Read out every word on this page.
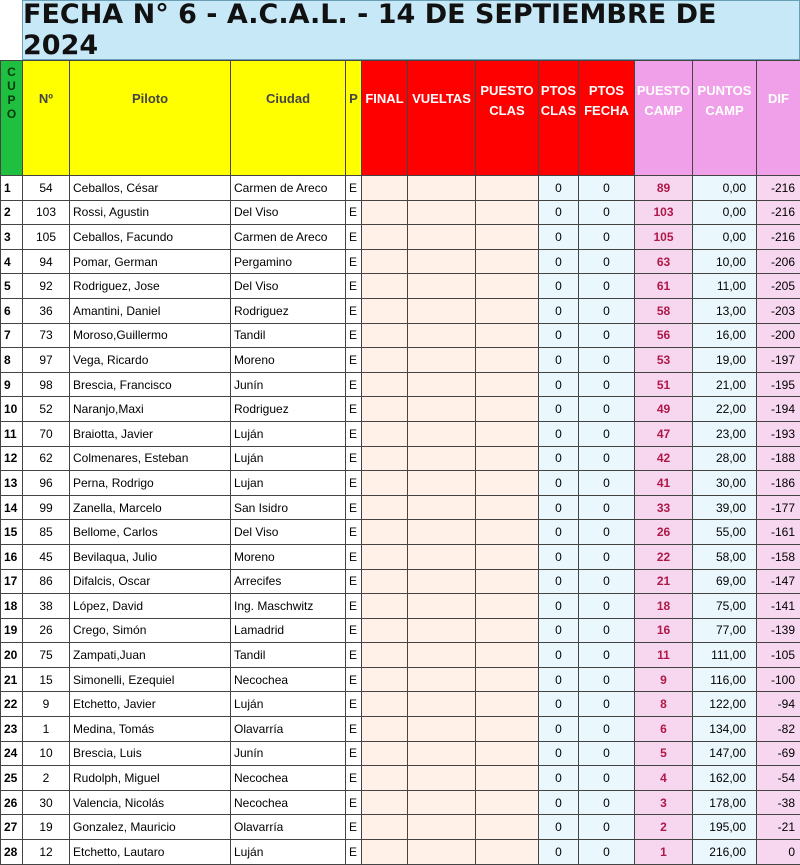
FECHA N° 6 - A.C.A.L. - 14 DE SEPTIEMBRE DE 2024
C
U
P
O	Nº	Piloto	Ciudad	P	FINAL	VUELTAS	PUESTO CLAS	PTOS CLAS	PTOS FECHA	PUESTO CAMP	PUNTOS CAMP	DIF
1	54	Ceballos, César	Carmen de Areco	E				0	0	89	0,00	-216
2	103	Rossi, Agustin	Del Viso	E				0	0	103	0,00	-216
3	105	Ceballos, Facundo	Carmen de Areco	E				0	0	105	0,00	-216
4	94	Pomar, German	Pergamino	E				0	0	63	10,00	-206
5	92	Rodriguez, Jose	Del Viso	E				0	0	61	11,00	-205
6	36	Amantini, Daniel	Rodriguez	E				0	0	58	13,00	-203
7	73	Moroso,Guillermo	Tandil	E				0	0	56	16,00	-200
8	97	Vega, Ricardo	Moreno	E				0	0	53	19,00	-197
9	98	Brescia, Francisco	Junín	E				0	0	51	21,00	-195
10	52	Naranjo,Maxi	Rodriguez	E				0	0	49	22,00	-194
11	70	Braiotta, Javier	Luján	E				0	0	47	23,00	-193
12	62	Colmenares, Esteban	Luján	E				0	0	42	28,00	-188
13	96	Perna, Rodrigo	Lujan	E				0	0	41	30,00	-186
14	99	Zanella, Marcelo	San Isidro	E				0	0	33	39,00	-177
15	85	Bellome, Carlos	Del Viso	E				0	0	26	55,00	-161
16	45	Bevilaqua, Julio	Moreno	E				0	0	22	58,00	-158
17	86	Difalcis, Oscar	Arrecifes	E				0	0	21	69,00	-147
18	38	López, David	Ing. Maschwitz	E				0	0	18	75,00	-141
19	26	Crego, Simón	Lamadrid	E				0	0	16	77,00	-139
20	75	Zampati,Juan	Tandil	E				0	0	11	111,00	-105
21	15	Simonelli, Ezequiel	Necochea	E				0	0	9	116,00	-100
22	9	Etchetto, Javier	Luján	E				0	0	8	122,00	-94
23	1	Medina, Tomás	Olavarría	E				0	0	6	134,00	-82
24	10	Brescia, Luis	Junín	E				0	0	5	147,00	-69
25	2	Rudolph, Miguel	Necochea	E				0	0	4	162,00	-54
26	30	Valencia, Nicolás	Necochea	E				0	0	3	178,00	-38
27	19	Gonzalez, Mauricio	Olavarría	E				0	0	2	195,00	-21
28	12	Etchetto, Lautaro	Luján	E				0	0	1	216,00	0
